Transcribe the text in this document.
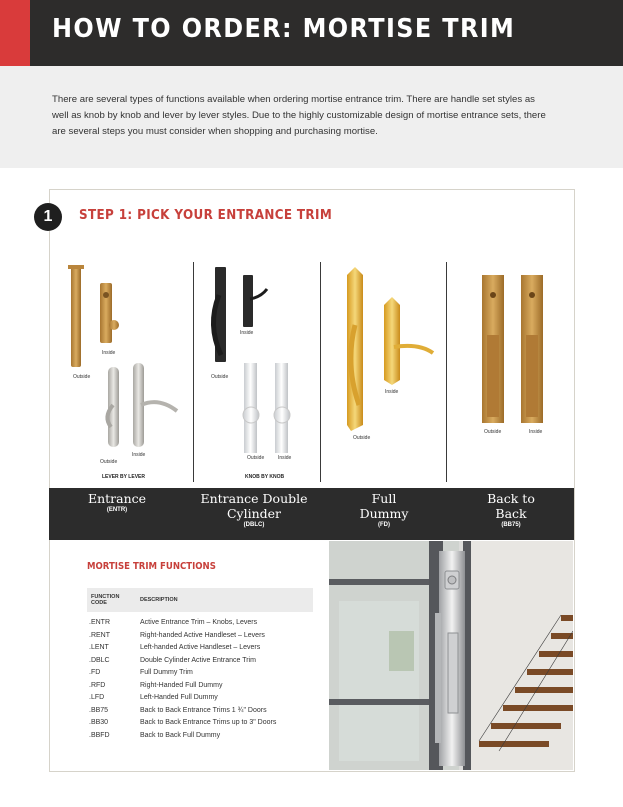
HOW TO ORDER: MORTISE TRIM

There are several types of functions available when ordering mortise entrance trim. There are handle set styles as well as knob by knob and lever by lever styles. Due to the highly customizable design of mortise entrance sets, there are several steps you must consider when shopping and purchasing mortise.

1	STEP 1: PICK YOUR ENTRANCE TRIM
Outside
Inside
Outside
Inside
LEVER BY LEVER
Outside
Inside
Outside	Inside
KNOB BY KNOB
Outside
Inside
Outside	Inside
Entrance
(ENTR)
Entrance Double Cylinder
(DBLC)
Full Dummy
(FD)
Back to Back
(BB75)
MORTISE TRIM FUNCTIONS
FUNCTION CODE	DESCRIPTION
.ENTR	Active Entrance Trim – Knobs, Levers
.RENT	Right-handed Active Handleset – Levers
.LENT	Left-handed Active Handleset – Levers
.DBLC	Double Cylinder Active Entrance Trim
.FD	Full Dummy Trim
.RFD	Right-Handed Full Dummy
.LFD	Left-Handed Full Dummy
.BB75	Back to Back Entrance Trims 1 ¾" Doors
.BB30	Back to Back Entrance Trims up to 3" Doors
.BBFD	Back to Back Full Dummy
